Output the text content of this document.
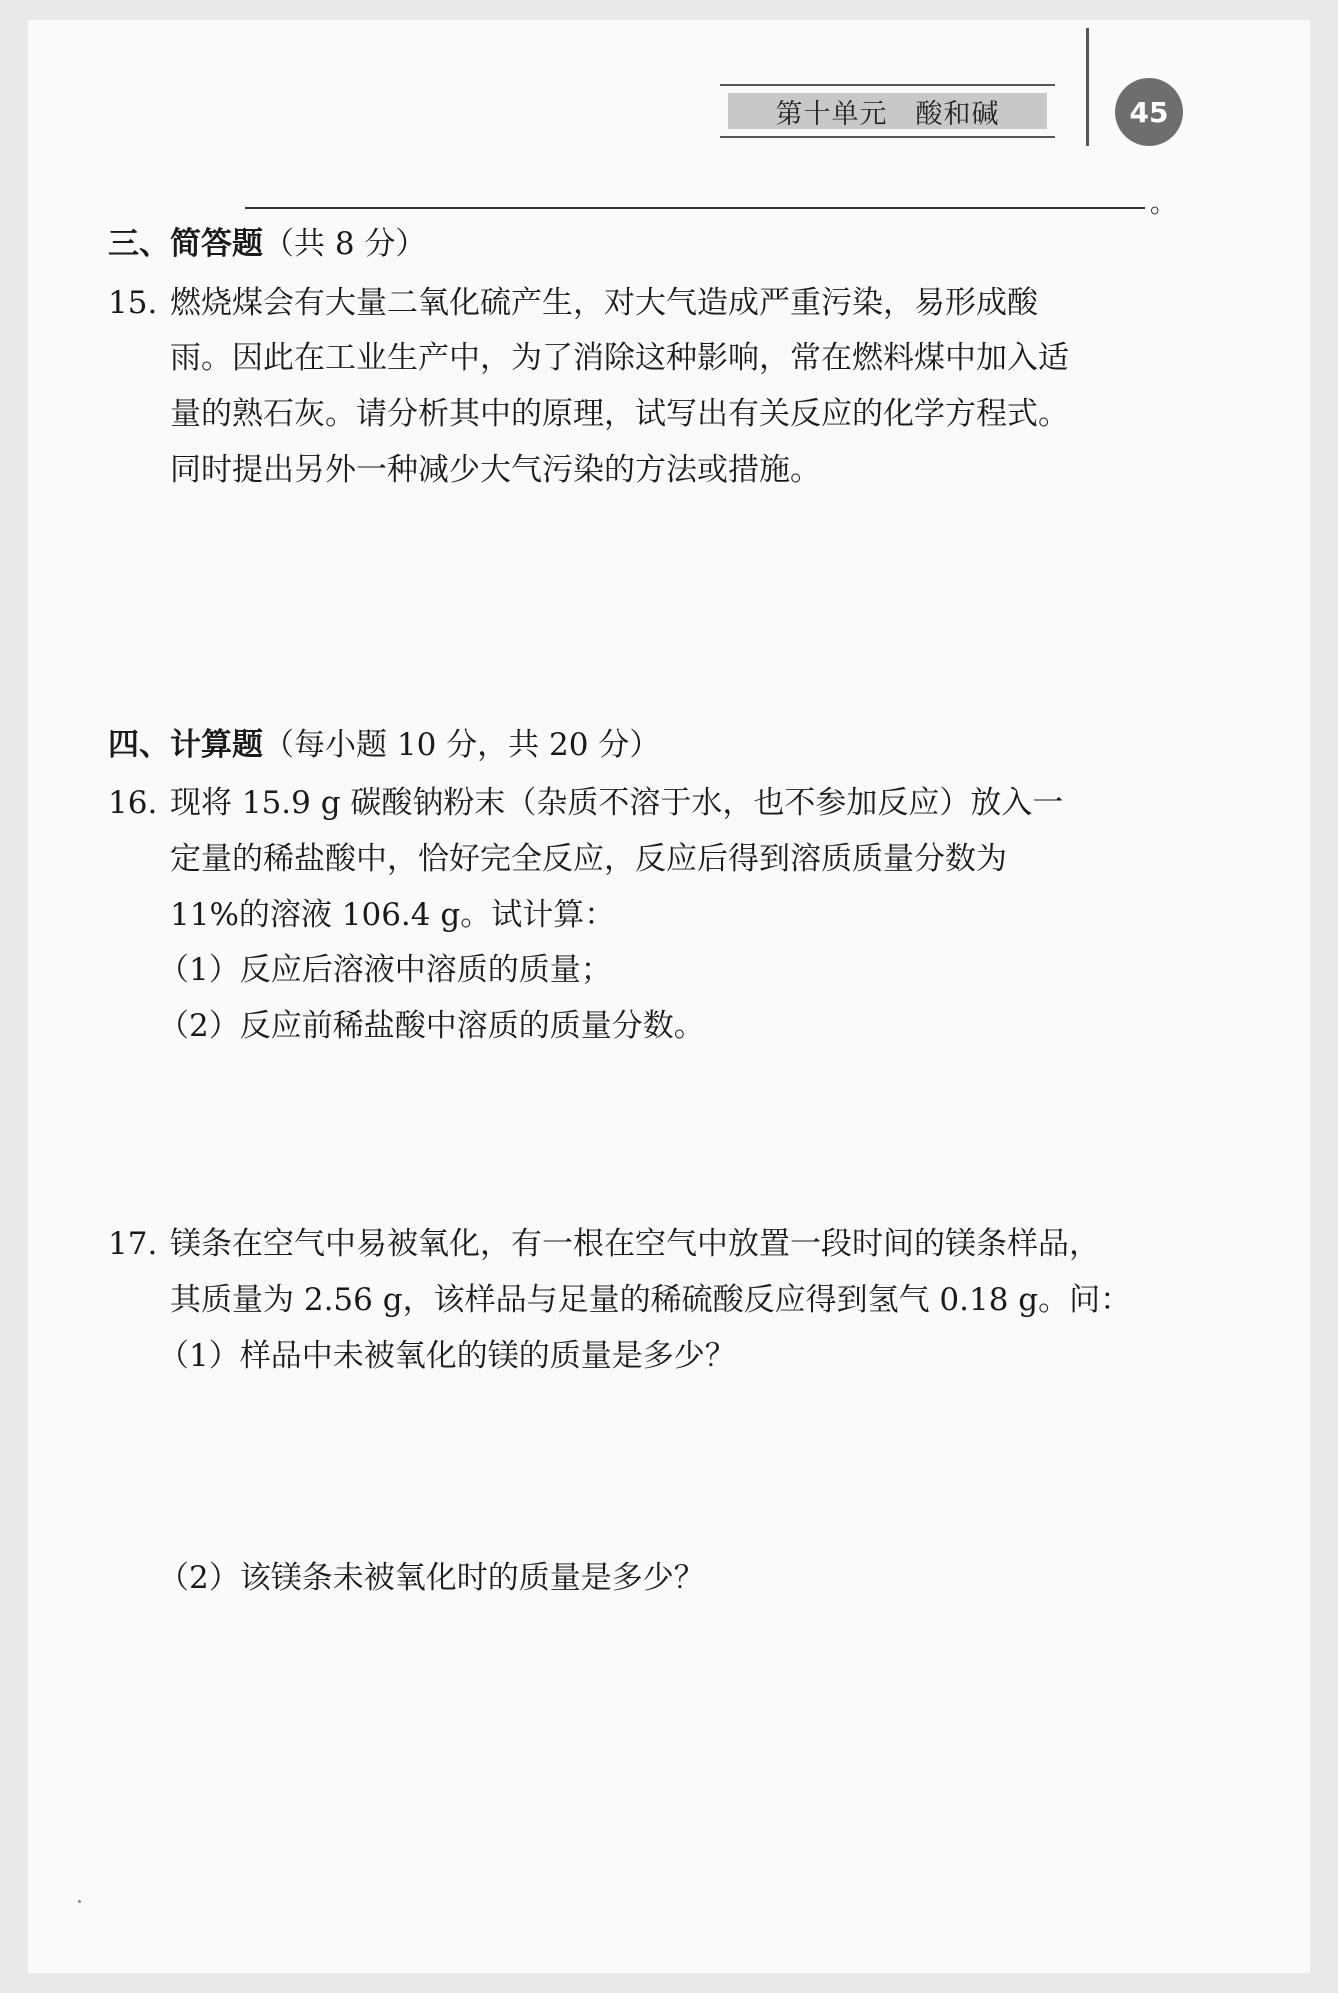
第十单元　酸和碱	45
。
三、简答题（共 8 分）
15. 燃烧煤会有大量二氧化硫产生，对大气造成严重污染，易形成酸
雨。因此在工业生产中，为了消除这种影响，常在燃料煤中加入适
量的熟石灰。请分析其中的原理，试写出有关反应的化学方程式。
同时提出另外一种减少大气污染的方法或措施。
四、计算题（每小题 10 分，共 20 分）
16. 现将 15.9 g 碳酸钠粉末（杂质不溶于水，也不参加反应）放入一
定量的稀盐酸中，恰好完全反应，反应后得到溶质质量分数为
11%的溶液 106.4 g。试计算：
（1）反应后溶液中溶质的质量；
（2）反应前稀盐酸中溶质的质量分数。
17. 镁条在空气中易被氧化，有一根在空气中放置一段时间的镁条样品，
其质量为 2.56 g，该样品与足量的稀硫酸反应得到氢气 0.18 g。问：
（1）样品中未被氧化的镁的质量是多少？
（2）该镁条未被氧化时的质量是多少？
